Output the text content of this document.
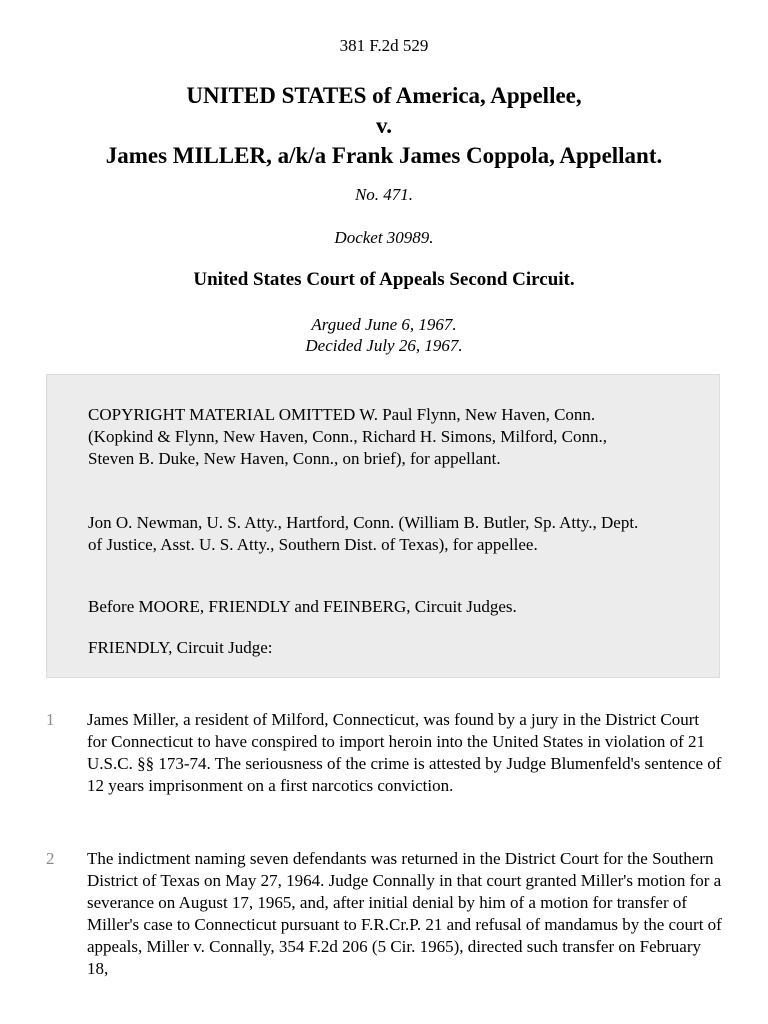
381 F.2d 529
UNITED STATES of America, Appellee,
v.
James MILLER, a/k/a Frank James Coppola, Appellant.
No. 471.
Docket 30989.
United States Court of Appeals Second Circuit.
Argued June 6, 1967.
Decided July 26, 1967.

COPYRIGHT MATERIAL OMITTED W. Paul Flynn, New Haven, Conn. (Kopkind & Flynn, New Haven, Conn., Richard H. Simons, Milford, Conn., Steven B. Duke, New Haven, Conn., on brief), for appellant.

Jon O. Newman, U. S. Atty., Hartford, Conn. (William B. Butler, Sp. Atty., Dept. of Justice, Asst. U. S. Atty., Southern Dist. of Texas), for appellee.

Before MOORE, FRIENDLY and FEINBERG, Circuit Judges.

FRIENDLY, Circuit Judge:

1 James Miller, a resident of Milford, Connecticut, was found by a jury in the District Court for Connecticut to have conspired to import heroin into the United States in violation of 21 U.S.C. §§ 173-74. The seriousness of the crime is attested by Judge Blumenfeld's sentence of 12 years imprisonment on a first narcotics conviction.

2 The indictment naming seven defendants was returned in the District Court for the Southern District of Texas on May 27, 1964. Judge Connally in that court granted Miller's motion for a severance on August 17, 1965, and, after initial denial by him of a motion for transfer of Miller's case to Connecticut pursuant to F.R.Cr.P. 21 and refusal of mandamus by the court of appeals, Miller v. Connally, 354 F.2d 206 (5 Cir. 1965), directed such transfer on February 18,
